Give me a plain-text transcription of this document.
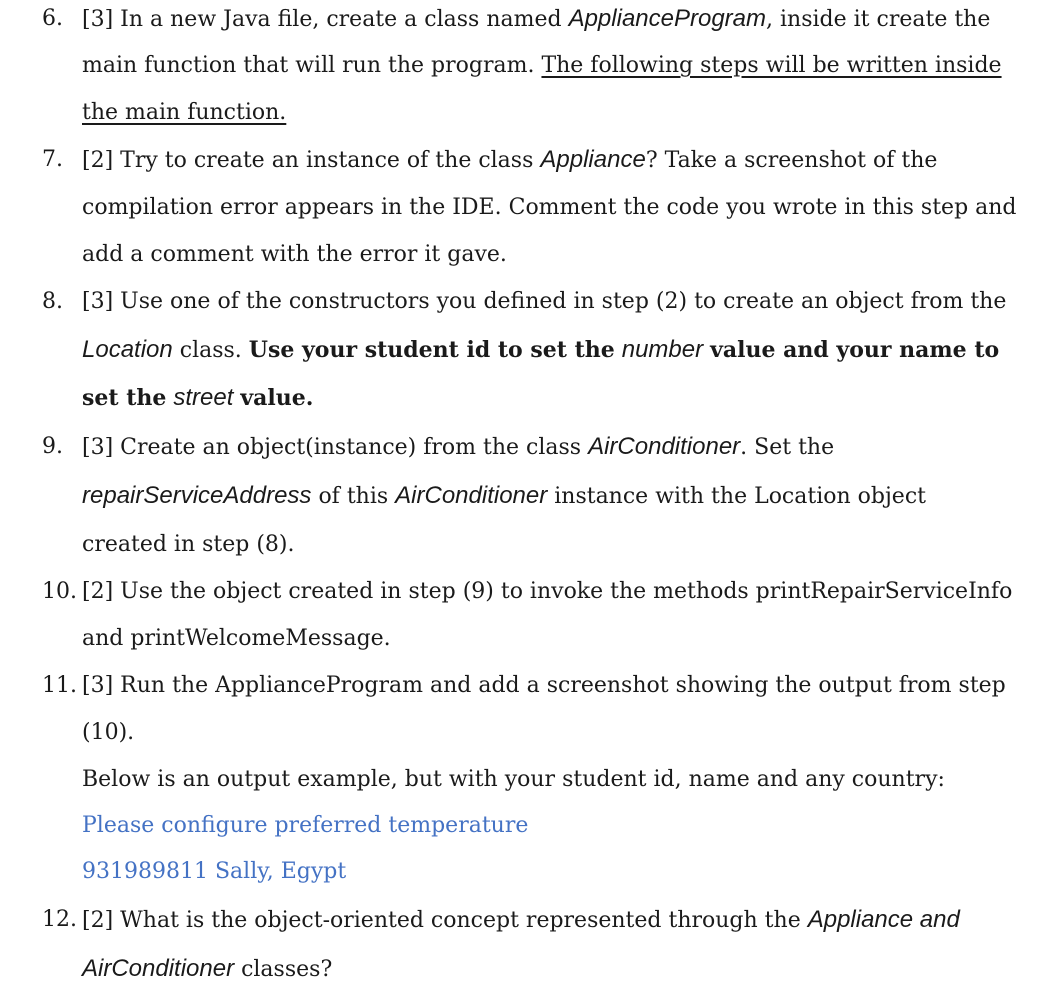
6. [3] In a new Java file, create a class named ApplianceProgram, inside it create the
main function that will run the program. The following steps will be written inside
the main function.
7. [2] Try to create an instance of the class Appliance? Take a screenshot of the
compilation error appears in the IDE. Comment the code you wrote in this step and
add a comment with the error it gave.
8. [3] Use one of the constructors you defined in step (2) to create an object from the
Location class. Use your student id to set the number value and your name to
set the street value.
9. [3] Create an object(instance) from the class AirConditioner. Set the
repairServiceAddress of this AirConditioner instance with the Location object
created in step (8).
10. [2] Use the object created in step (9) to invoke the methods printRepairServiceInfo
and printWelcomeMessage.
11. [3] Run the ApplianceProgram and add a screenshot showing the output from step
(10).
Below is an output example, but with your student id, name and any country:
Please configure preferred temperature
931989811 Sally, Egypt
12. [2] What is the object-oriented concept represented through the Appliance and
AirConditioner classes?
